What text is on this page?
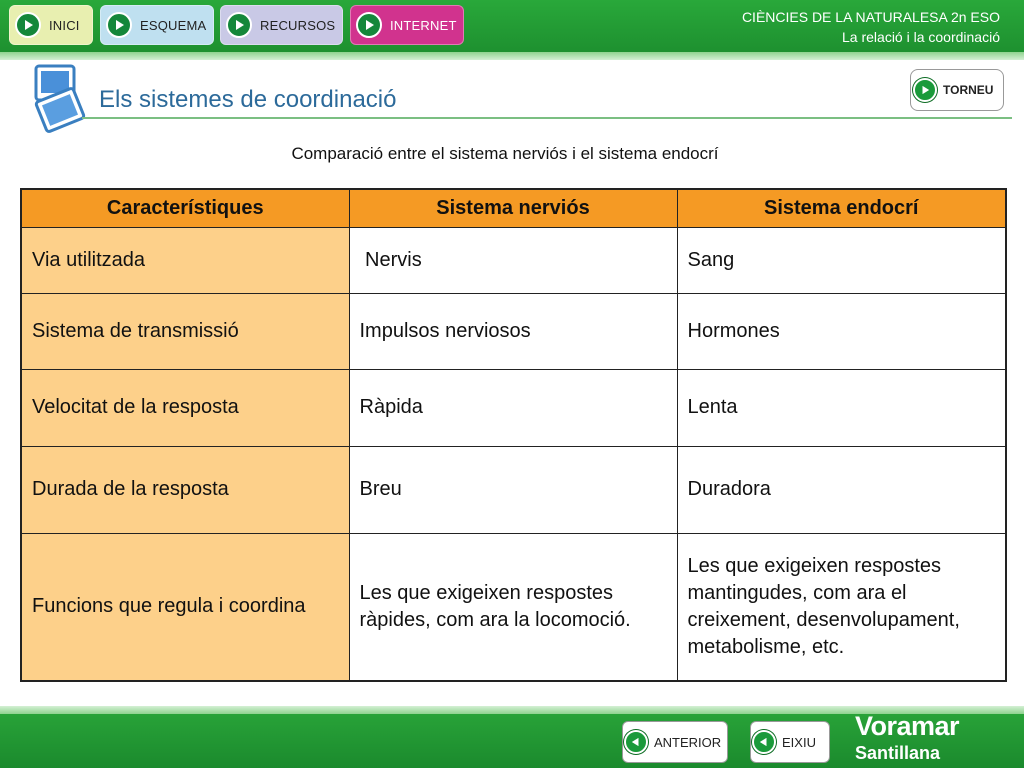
INICI	ESQUEMA	RECURSOS	INTERNET	CIÈNCIES DE LA NATURALESA 2n ESO
La relació i la coordinació
Els sistemes de coordinació	TORNEU
Comparació entre el sistema nerviós i el sistema endocrí
Característiques	Sistema nerviós	Sistema endocrí
Via utilitzada	Nervis	Sang
Sistema de transmissió	Impulsos nerviosos	Hormones
Velocitat de la resposta	Ràpida	Lenta
Durada de la resposta	Breu	Duradora
Funcions que regula i coordina	Les que exigeixen respostes ràpides, com ara la locomoció.	Les que exigeixen respostes mantingudes, com ara el creixement, desenvolupament, metabolisme, etc.
ANTERIOR	EIXIU
Voramar
Santillana
